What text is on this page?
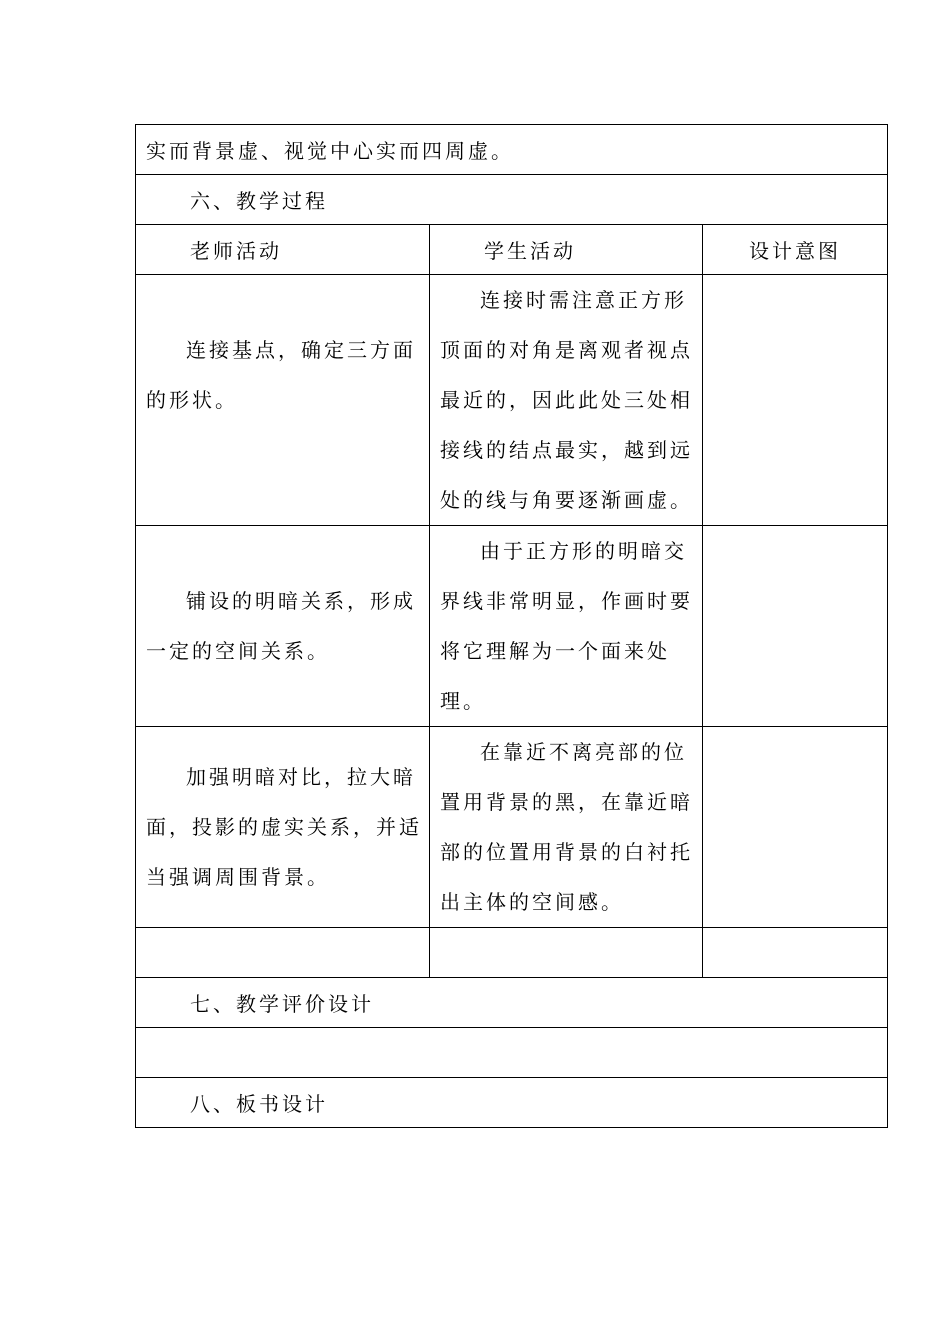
实而背景虚、视觉中心实而四周虚。		
六、教学过程		
老师活动	学生活动	设计意图

连接基点，确定三方面
的形状。	连接时需注意正方形
顶面的对角是离观者视点
最近的，因此此处三处相
接线的结点最实，越到远
处的线与角要逐渐画虚。	

铺设的明暗关系，形成
一定的空间关系。	由于正方形的明暗交
界线非常明显，作画时要
将它理解为一个面来处
理。	

加强明暗对比，拉大暗
面，投影的虚实关系，并适
当强调周围背景。	在靠近不离亮部的位
置用背景的黑，在靠近暗
部的位置用背景的白衬托
出主体的空间感。	

七、教学评价设计		

八、板书设计		
